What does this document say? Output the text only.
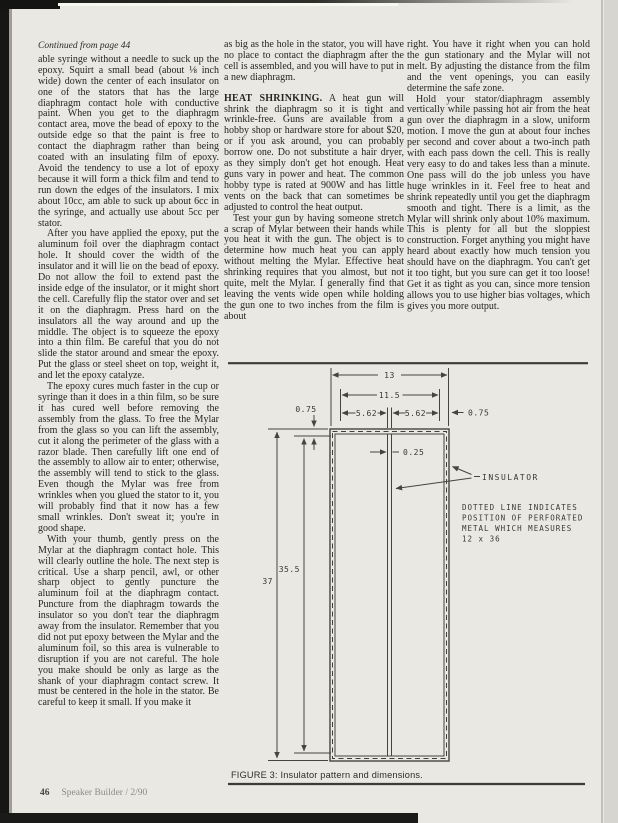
Continued from page 44

able syringe without a needle to suck up the epoxy. Squirt a small bead (about ⅛ inch wide) down the center of each insulator on one of the stators that has the large diaphragm contact hole with conductive paint. When you get to the diaphragm contact area, move the bead of epoxy to the outside edge so that the paint is free to contact the diaphragm rather than being coated with an insulating film of epoxy. Avoid the tendency to use a lot of epoxy because it will form a thick film and tend to run down the edges of the insulators. I mix about 10cc, am able to suck up about 6cc in the syringe, and actually use about 5cc per stator.

After you have applied the epoxy, put the aluminum foil over the diaphragm contact hole. It should cover the width of the insulator and it will lie on the bead of epoxy. Do not allow the foil to extend past the inside edge of the insulator, or it might short the cell. Carefully flip the stator over and set it on the diaphragm. Press hard on the insulators all the way around and up the middle. The object is to squeeze the epoxy into a thin film. Be careful that you do not slide the stator around and smear the epoxy. Put the glass or steel sheet on top, weight it, and let the epoxy catalyze.

The epoxy cures much faster in the cup or syringe than it does in a thin film, so be sure it has cured well before removing the assembly from the glass. To free the Mylar from the glass so you can lift the assembly, cut it along the perimeter of the glass with a razor blade. Then carefully lift one end of the assembly to allow air to enter; otherwise, the assembly will tend to stick to the glass. Even though the Mylar was free from wrinkles when you glued the stator to it, you will probably find that it now has a few small wrinkles. Don't sweat it; you're in good shape.

With your thumb, gently press on the Mylar at the diaphragm contact hole. This will clearly outline the hole. The next step is critical. Use a sharp pencil, awl, or other sharp object to gently puncture the aluminum foil at the diaphragm contact. Puncture from the diaphragm towards the insulator so you don't tear the diaphragm away from the insulator. Remember that you did not put epoxy between the Mylar and the aluminum foil, so this area is vulnerable to disruption if you are not careful. The hole you make should be only as large as the shank of your diaphragm contact screw. It must be centered in the hole in the stator. Be careful to keep it small. If you make it

as big as the hole in the stator, you will have no place to contact the diaphragm after the cell is assembled, and you will have to put in a new diaphragm.

HEAT SHRINKING. A heat gun will shrink the diaphragm so it is tight and wrinkle-free. Guns are available from a hobby shop or hardware store for about $20, or if you ask around, you can probably borrow one. Do not substitute a hair dryer, as they simply don't get hot enough. Heat guns vary in power and heat. The common hobby type is rated at 900W and has little vents on the back that can sometimes be adjusted to control the heat output.

Test your gun by having someone stretch a scrap of Mylar between their hands while you heat it with the gun. The object is to determine how much heat you can apply without melting the Mylar. Effective heat shrinking requires that you almost, but not quite, melt the Mylar. I generally find that leaving the vents wide open while holding the gun one to two inches from the film is about

right. You have it right when you can hold the gun stationary and the Mylar will not melt. By adjusting the distance from the film and the vent openings, you can easily determine the safe zone.

Hold your stator/diaphragm assembly vertically while passing hot air from the heat gun over the diaphragm in a slow, uniform motion. I move the gun at about four inches per second and cover about a two-inch path with each pass down the cell. This is really very easy to do and takes less than a minute. One pass will do the job unless you have huge wrinkles in it. Feel free to heat and shrink repeatedly until you get the diaphragm smooth and tight. There is a limit, as the Mylar will shrink only about 10% maximum. This is plenty for all but the sloppiest construction. Forget anything you might have heard about exactly how much tension you should have on the diaphragm. You can't get it too tight, but you sure can get it too loose! Get it as tight as you can, since more tension allows you to use higher bias voltages, which gives you more output.

13
11.5
5.62	5.62
0.75	0.75
0.25
37
35.5
INSULATOR
DOTTED LINE INDICATES
POSITION OF PERFORATED
METAL WHICH MEASURES
12 x 36
FIGURE 3: Insulator pattern and dimensions.
46 Speaker Builder / 2/90
